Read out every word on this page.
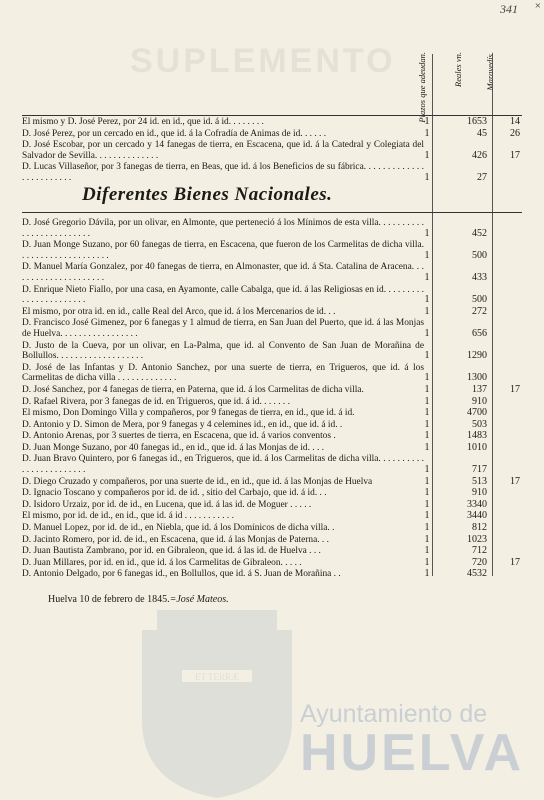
341 ×
SUPLEMENTO	Plazos que adeudan.	Reales vn.	Maravedís.
El mismo y D. José Perez, por 24 id. en id., que id. á id. . . . . . . .	1	1653	14
D. José Perez, por un cercado en id., que id. á la Cofradía de Animas de id. . . . . .	1	45	26
D. José Escobar, por un cercado y 14 fanegas de tierra, en Escacena, que id. á la Catedral y Colegiata del Salvador de Sevilla. . . . . . . . . . . . . .	1	426	17
D. Lucas Villaseñor, por 3 fanegas de tierra, en Beas, que id. á los Beneficios de su fábrica. . . . . . . . . . . . . . . . . . . . . . . .	1	27
Diferentes Bienes Nacionales.
D. José Gregorio Dávila, por un olivar, en Almonte, que perteneció á los Mínimos de esta villa. . . . . . . . . . . . . . . . . . . . . . . . .	1	452
D. Juan Monge Suzano, por 60 fanegas de tierra, en Escacena, que fueron de los Carmelitas de dicha villa. . . . . . . . . . . . . . . . . . . .	1	500
D. Manuel María Gonzalez, por 40 fanegas de tierra, en Almonaster, que id. á Sta. Catalina de Aracena. . . . . . . . . . . . . . . . . . . . .	1	433
D. Enrique Nieto Fiallo, por una casa, en Ayamonte, calle Cabalga, que id. á las Religiosas en id. . . . . . . . . . . . . . . . . . . . . . .	1	500
El mismo, por otra id. en id., calle Real del Arco, que id. á los Mercenarios de id. . .	1	272
D. Francisco José Gimenez, por 6 fanegas y 1 almud de tierra, en San Juan del Puerto, que id. á las Monjas de Huelva. . . . . . . . . . . . . . . . .	1	656
D. Justo de la Cueva, por un olivar, en La-Palma, que id. al Convento de San Juan de Morañina de Bollullos. . . . . . . . . . . . . . . . . . .	1	1290
D. José de las Infantas y D. Antonio Sanchez, por una suerte de tierra, en Trigueros, que id. á los Carmelitas de dicha villa . . . . . . . . . . . . .	1	1300
D. José Sanchez, por 4 fanegas de tierra, en Paterna, que id. á los Carmelitas de dicha villa.	1	137	17
D. Rafael Rivera, por 3 fanegas de id. en Trigueros, que id. á id. . . . . . .	1	910
El mismo, Don Domingo Villa y compañeros, por 9 fanegas de tierra, en id., que id. á id.	1	4700
D. Antonio y D. Simon de Mera, por 9 fanegas y 4 celemines id., en id., que id. á id. .	1	503
D. Antonio Arenas, por 3 suertes de tierra, en Escacena, que id. á varios conventos .	1	1483
D. Juan Monge Suzano, por 40 fanegas id., en id., que id. á las Monjas de id. . . .	1	1010
D. Juan Bravo Quintero, por 6 fanegas id., en Trigueros, que id. á los Carmelitas de dicha villa. . . . . . . . . . . . . . . . . . . . . . . .	1	717
D. Diego Cruzado y compañeros, por una suerte de id., en id., que id. á las Monjas de Huelva	1	513	17
D. Ignacio Toscano y compañeros por id. de id. , sitio del Carbajo, que id. á id. . .	1	910
D. Isidoro Urzaiz, por id. de id., en Lucena, que id. á las id. de Moguer . . . . .	1	3340
El mismo, por id. de id., en id., que id. á id . . . . . . . . . . .	1	3440
D. Manuel Lopez, por id. de id., en Niebla, que id. á los Domínicos de dicha villa. .	1	812
D. Jacinto Romero, por id. de id., en Escacena, que id. á las Monjas de Paterna. . .	1	1023
D. Juan Bautista Zambrano, por id. en Gibraleon, que id. á las id. de Huelva . . .	1	712
D. Juan Millares, por id. en id., que id. á los Carmelitas de Gibraleon. . . . .	1	720	17
D. Antonio Delgado, por 6 fanegas id., en Bollullos, que id. á S. Juan de Morañina . .	1	4532
Huelva 10 de febrero de 1845.=José Mateos.
ET TERRÆ
Ayuntamiento de
HUELVA
